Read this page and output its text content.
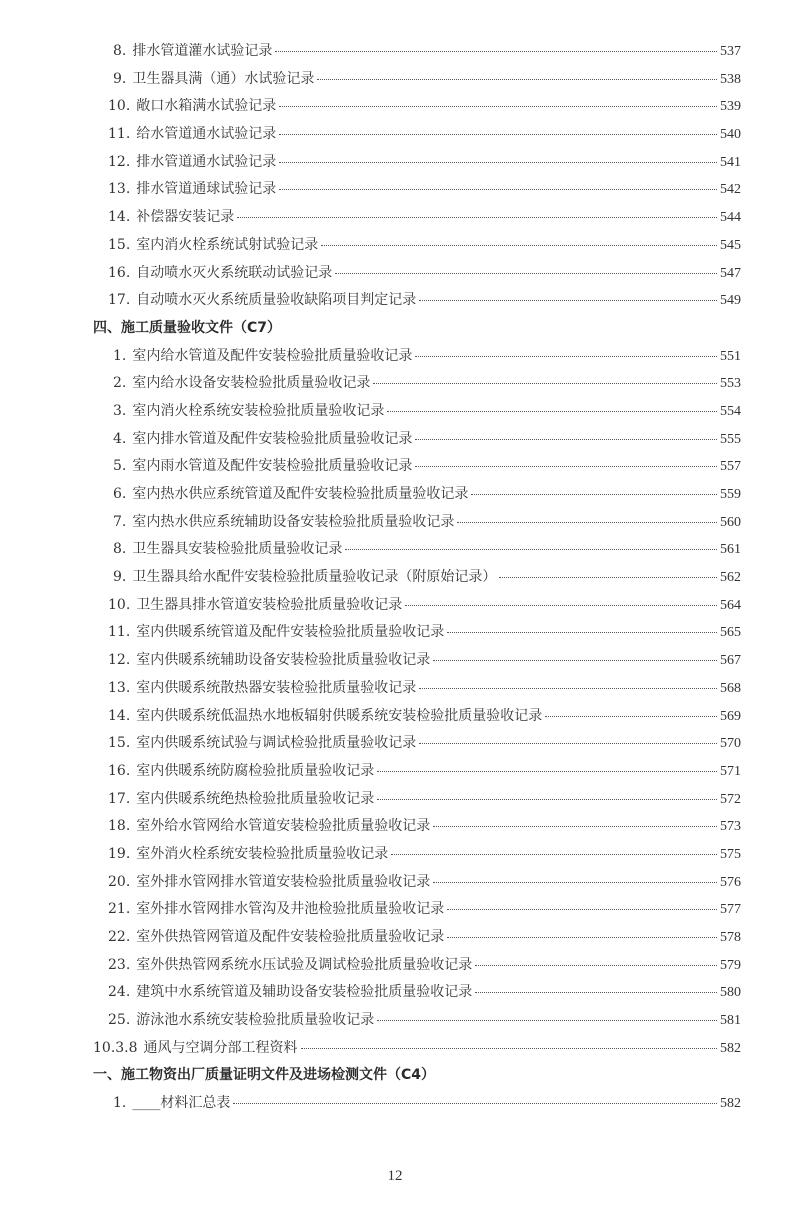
8. 排水管道灌水试验记录	537
9. 卫生器具满（通）水试验记录	538
10. 敞口水箱满水试验记录	539
11. 给水管道通水试验记录	540
12. 排水管道通水试验记录	541
13. 排水管道通球试验记录	542
14. 补偿器安装记录	544
15. 室内消火栓系统试射试验记录	545
16. 自动喷水灭火系统联动试验记录	547
17. 自动喷水灭火系统质量验收缺陷项目判定记录	549
四、施工质量验收文件（C7）
1. 室内给水管道及配件安装检验批质量验收记录	551
2. 室内给水设备安装检验批质量验收记录	553
3. 室内消火栓系统安装检验批质量验收记录	554
4. 室内排水管道及配件安装检验批质量验收记录	555
5. 室内雨水管道及配件安装检验批质量验收记录	557
6. 室内热水供应系统管道及配件安装检验批质量验收记录	559
7. 室内热水供应系统辅助设备安装检验批质量验收记录	560
8. 卫生器具安装检验批质量验收记录	561
9. 卫生器具给水配件安装检验批质量验收记录（附原始记录）	562
10. 卫生器具排水管道安装检验批质量验收记录	564
11. 室内供暖系统管道及配件安装检验批质量验收记录	565
12. 室内供暖系统辅助设备安装检验批质量验收记录	567
13. 室内供暖系统散热器安装检验批质量验收记录	568
14. 室内供暖系统低温热水地板辐射供暖系统安装检验批质量验收记录	569
15. 室内供暖系统试验与调试检验批质量验收记录	570
16. 室内供暖系统防腐检验批质量验收记录	571
17. 室内供暖系统绝热检验批质量验收记录	572
18. 室外给水管网给水管道安装检验批质量验收记录	573
19. 室外消火栓系统安装检验批质量验收记录	575
20. 室外排水管网排水管道安装检验批质量验收记录	576
21. 室外排水管网排水管沟及井池检验批质量验收记录	577
22. 室外供热管网管道及配件安装检验批质量验收记录	578
23. 室外供热管网系统水压试验及调试检验批质量验收记录	579
24. 建筑中水系统管道及辅助设备安装检验批质量验收记录	580
25. 游泳池水系统安装检验批质量验收记录	581
10.3.8 通风与空调分部工程资料	582
一、施工物资出厂质量证明文件及进场检测文件（C4）
1. ____材料汇总表	582
12
